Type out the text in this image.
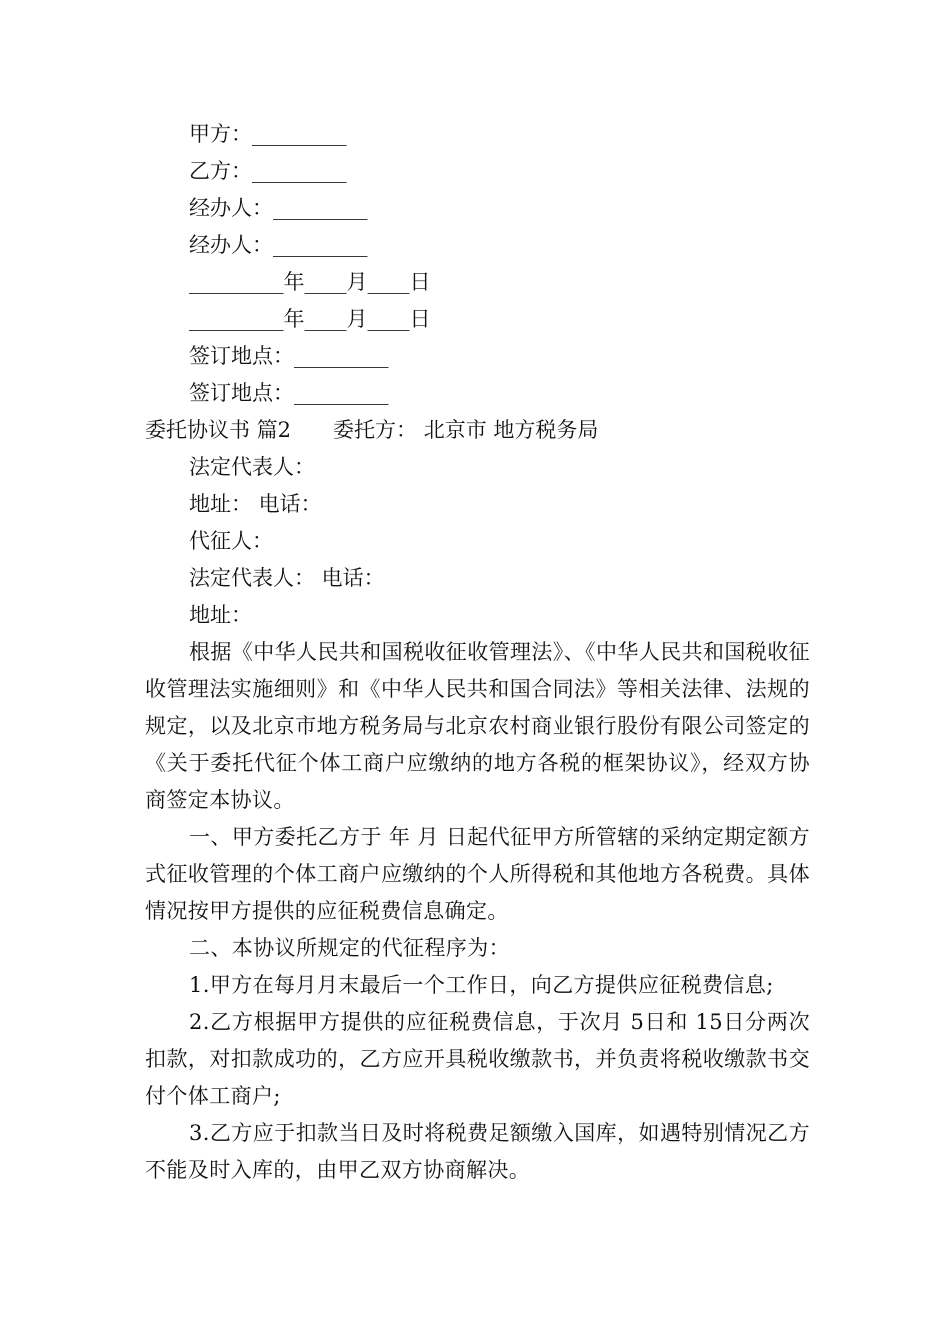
甲方：_________
乙方：_________
经办人：_________
经办人：_________
_________年____月____日
_________年____月____日
签订地点：_________
签订地点：_________
委托协议书 篇2 委托方： 北京市 地方税务局
法定代表人：
地址： 电话：
代征人：
法定代表人： 电话：
地址：

根据《中华人民共和国税收征收管理法》、《中华人民共和国税收征收管理法实施细则》和《中华人民共和国合同法》等相关法律、法规的规定，以及北京市地方税务局与北京农村商业银行股份有限公司签定的《关于委托代征个体工商户应缴纳的地方各税的框架协议》，经双方协商签定本协议。

一、甲方委托乙方于 年 月 日起代征甲方所管辖的采纳定期定额方式征收管理的个体工商户应缴纳的个人所得税和其他地方各税费。具体情况按甲方提供的应征税费信息确定。

二、本协议所规定的代征程序为：

1.甲方在每月月末最后一个工作日，向乙方提供应征税费信息;

2.乙方根据甲方提供的应征税费信息，于次月 5日和 15日分两次扣款，对扣款成功的，乙方应开具税收缴款书，并负责将税收缴款书交付个体工商户;

3.乙方应于扣款当日及时将税费足额缴入国库，如遇特别情况乙方不能及时入库的，由甲乙双方协商解决。
